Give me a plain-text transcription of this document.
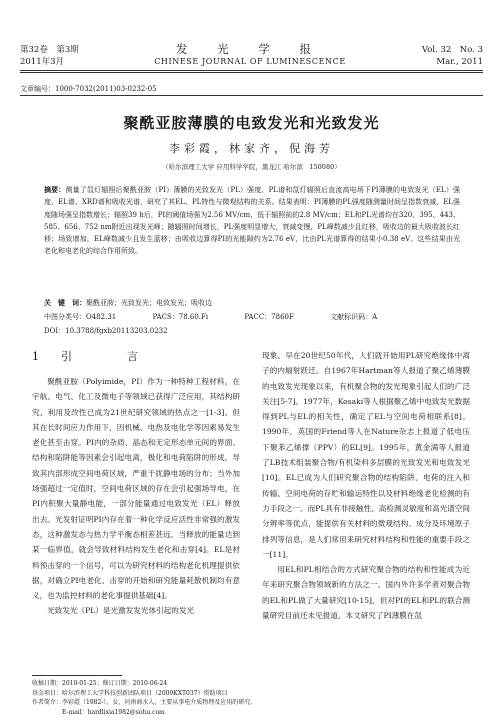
第32卷　第3期
2011年3月
发 光 学 报
CHINESE JOURNAL OF LUMINESCENCE
Vol. 32　No. 3
Mar., 2011
文章编号：1000-7032(2011)03-0232-05
聚酰亚胺薄膜的电致发光和光致发光
李彩霞，林家齐，倪海芳
（哈尔滨理工大学 应用科学学院，黑龙江 哈尔滨　150080）
摘要：测量了氙灯辐照后聚酰亚胺（PI）薄膜的光致发光（PL）强度、PL谱和氙灯辐照后直流高电场下PI薄膜的电致发光（EL）强度、EL谱、XRD谱和吸收光谱，研究了其EL、PL特性与微观结构的关系。结果表明：PI薄膜的PL强度随测量时间呈指数衰减，EL强度随场强呈指数增长；辐照39 h后，PI的阈值场强为2.56 MV/cm，低于辐照前的2.8 MV/cm；EL和PL光谱均在320、395、443、585、656、752 nm附近出现发光峰；随辐照时间增长，PL强度明显增大，衰减变慢，PL峰数减少且红移，吸收边的最大吸收波长红移；场致增加，EL峰数减少且发生蓝移；由吸收边算得PI的光能隙约为2.76 eV，比由PL光谱算得的结果小0.38 eV。这些结果由光老化和电老化的综合作用所致。
关　键　词：聚酰亚胺；光致发光；电致发光；吸收边
中图分类号：O482.31	PACS：78.60.Fi	PACC：7860F	文献标识码：A
DOI：10.3788/fgxb20113203.0232
1引　言

聚酰亚胺（Polyimide，PI）作为一种特种工程材料，在宇航、电气、化工及微电子等领域已获得广泛应用，其结构研究、利用及改性已成为21世纪研究领域的热点之一[1-3]。但其在长时间应力作用下，因机械、电热及电化学等因素易发生老化甚至击穿。PI内的杂质、晶态和无定形态单元间的界面、结构和陷阱能等因素会引起电离，极化和电荷陷阱的形成，导致其内部形成空间电荷区域，严重干扰静电场的分布；当外加场强超过一定值时，空间电荷区域的存在会引起强场导电，在PI内积聚大量静电能，一部分能量通过电致发光（EL）释放出去。光发射证明PI内存在着一种化学反应活性非常强的激发态，这种激发态与热力学平衡态相差甚远，当释放的能量达到某一临界值，就会导致材料结构发生老化和击穿[4]。EL是材料预击穿的一个信号，可以为研究材料的结构老化机理提供依据，对确立PI电老化、击穿的开始和研究能量耗散机制均有意义，也为监控材料的老化事提供基础[4]。

光致发光（PL）是光激发发光体引起的发光

现象。早在20世纪50年代，人们就开始用PL研究绝缘体中离子的内辐射跃迁。自1967年Hartman等人报道了聚乙烯薄膜的电致发光现象以来，有机聚合物的发光现象引起人们的广泛关注[5-7]。1977年，Kosaki等人根据聚乙烯中电致发光数据得到PL与EL的相关性，确定了EL与空间电荷相联系[8]。1990年，英国的Friend等人在Nature杂志上报道了低电压下聚苯乙烯撑（PPV）的EL[9]。1995年，黄金满等人报道了LB技术组装聚合物/有机染料多层膜的光致发光和电致发光[10]。EL已成为人们研究聚合物的结构陷阱、电荷的注入和传输、空间电荷的存贮和输运特性以及材料绝缘老化检测的有力手段之一。而PL具有非接触性、高检测灵敏度和高光谱空间分辨率等优点，能提供有关材料的微观结构、成分及环境原子排列等信息，是人们常用来研究材料结构和性能的重要手段之一[11]。

用EL和PL相结合的方式研究聚合物的结构和性能成为近年来研究聚合物领域新的方法之一。国内外许多学者对聚合物的EL和PL做了大量研究[10-15]，但对PI的EL和PL的联合测量研究目前还未见报道。本文研究了PI薄膜在氙

收稿日期：2010-01-25；修订日期：2010-06-24
基金项目：哈尔滨理工大学科技创新团队项目（2009KXT037）资助项目
作者简介：李彩霞（1982-），女，河南商水人，主要从事电介质物理及应用的研究。
E-mail：hardlixia1982@sohu.com
